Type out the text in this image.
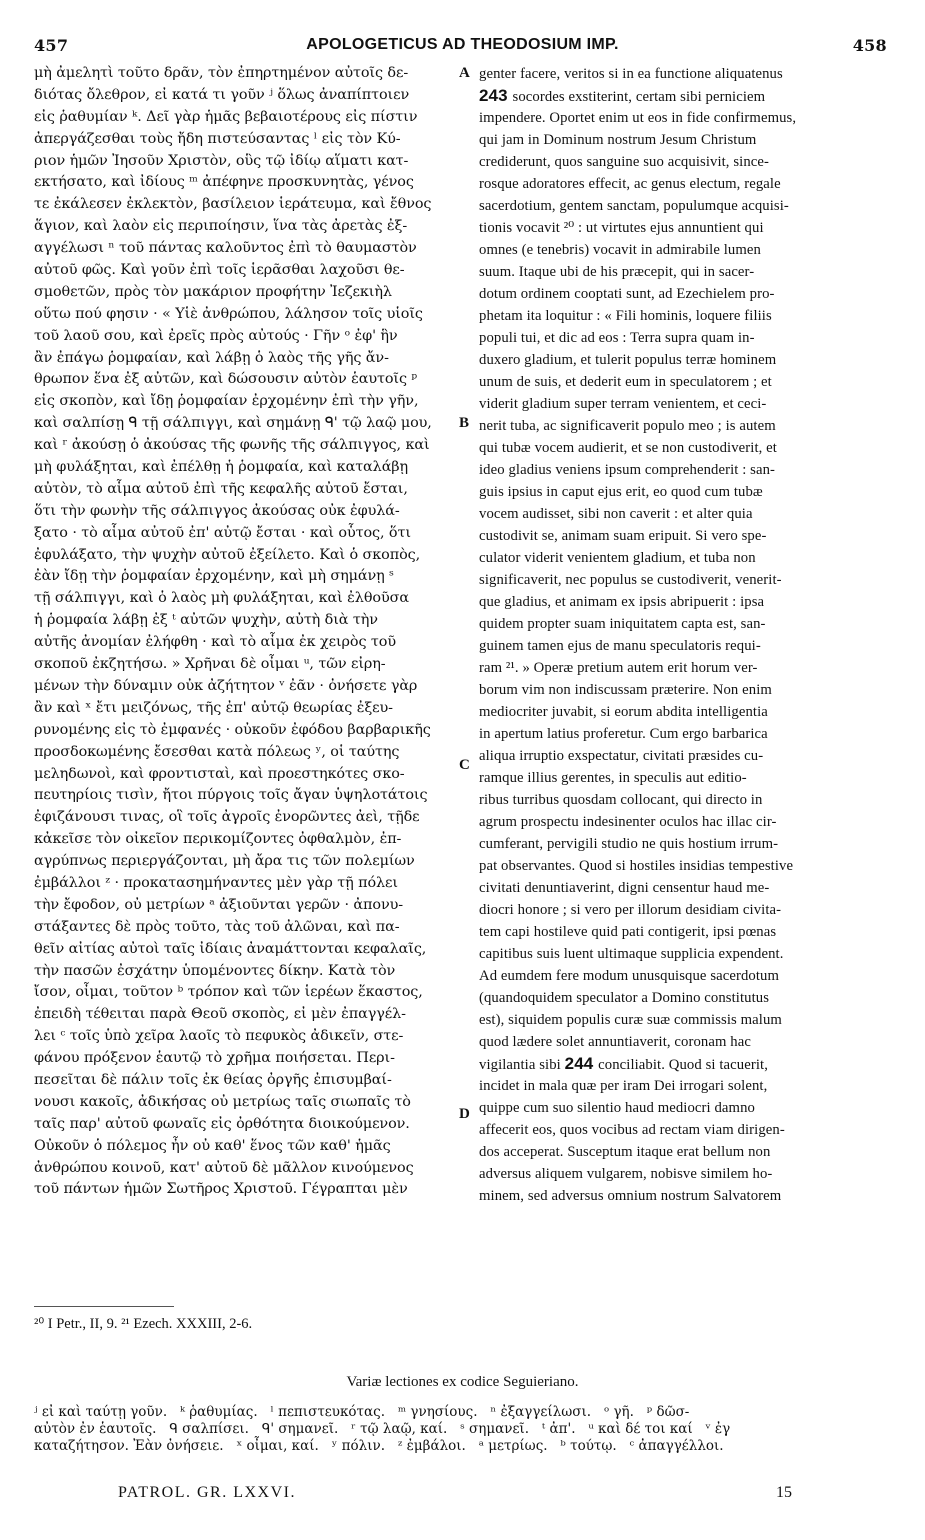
457	APOLOGETICUS AD THEODOSIUM IMP.	458
μὴ ἀμελητὶ τοῦτο δρᾶν, τὸν ἐπηρτημένον αὐτοῖς δε-
διότας ὄλεθρον, εἰ κατά τι γοῦν ʲ ὅλως ἀναπίπτοιεν
εἰς ῥαθυμίαν ᵏ. Δεῖ γὰρ ἡμᾶς βεβαιοτέρους εἰς πίστιν
ἀπεργάζεσθαι τοὺς ἤδη πιστεύσαντας ˡ εἰς τὸν Κύ-
ριον ἡμῶν Ἰησοῦν Χριστὸν, οὓς τῷ ἰδίῳ αἵματι κατ-
εκτήσατο, καὶ ἰδίους ᵐ ἀπέφηνε προσκυνητὰς, γένος
τε ἐκάλεσεν ἐκλεκτὸν, βασίλειον ἱεράτευμα, καὶ ἔθνος
ἅγιον, καὶ λαὸν εἰς περιποίησιν, ἵνα τὰς ἀρετὰς ἐξ-
αγγέλωσι ⁿ τοῦ πάντας καλοῦντος ἐπὶ τὸ θαυμαστὸν
αὐτοῦ φῶς. Καὶ γοῦν ἐπὶ τοῖς ἱερᾶσθαι λαχοῦσι θε-
σμοθετῶν, πρὸς τὸν μακάριον προφήτην Ἰεζεκιὴλ
οὕτω πού φησιν · « Υἱὲ ἀνθρώπου, λάλησον τοῖς υἱοῖς
τοῦ λαοῦ σου, καὶ ἐρεῖς πρὸς αὐτούς · Γῆν ᵒ ἐφ' ἣν
ἂν ἐπάγω ῥομφαίαν, καὶ λάβῃ ὁ λαὸς τῆς γῆς ἄν-
θρωπον ἕνα ἐξ αὐτῶν, καὶ δώσουσιν αὐτὸν ἑαυτοῖς ᵖ
εἰς σκοπὸν, καὶ ἴδῃ ῥομφαίαν ἐρχομένην ἐπὶ τὴν γῆν,
καὶ σαλπίσῃ ᑫ τῇ σάλπιγγι, καὶ σημάνῃ ᑫ' τῷ λαῷ μου,
καὶ ʳ ἀκούσῃ ὁ ἀκούσας τῆς φωνῆς τῆς σάλπιγγος, καὶ
μὴ φυλάξηται, καὶ ἐπέλθῃ ἡ ῥομφαία, καὶ καταλάβῃ
αὐτὸν, τὸ αἷμα αὐτοῦ ἐπὶ τῆς κεφαλῆς αὐτοῦ ἔσται,
ὅτι τὴν φωνὴν τῆς σάλπιγγος ἀκούσας οὐκ ἐφυλά-
ξατο · τὸ αἷμα αὐτοῦ ἐπ' αὐτῷ ἔσται · καὶ οὗτος, ὅτι
ἐφυλάξατο, τὴν ψυχὴν αὐτοῦ ἐξείλετο. Καὶ ὁ σκοπὸς,
ἐὰν ἴδῃ τὴν ῥομφαίαν ἐρχομένην, καὶ μὴ σημάνῃ ˢ
τῇ σάλπιγγι, καὶ ὁ λαὸς μὴ φυλάξηται, καὶ ἐλθοῦσα
ἡ ῥομφαία λάβῃ ἐξ ᵗ αὐτῶν ψυχὴν, αὐτὴ διὰ τὴν
αὐτῆς ἀνομίαν ἐλήφθη · καὶ τὸ αἷμα ἐκ χειρὸς τοῦ
σκοποῦ ἐκζητήσω. » Χρῆναι δὲ οἶμαι ᵘ, τῶν εἰρη-
μένων τὴν δύναμιν οὐκ ἀζήτητον ᵛ ἐᾶν · ὀνήσετε γὰρ
ἂν καὶ ˣ ἔτι μειζόνως, τῆς ἐπ' αὐτῷ θεωρίας ἐξευ-
ρυνομένης εἰς τὸ ἐμφανές · οὐκοῦν ἐφόδου βαρβαρικῆς
προσδοκωμένης ἔσεσθαι κατὰ πόλεως ʸ, οἱ ταύτης
μεληδωνοὶ, καὶ φροντισταὶ, καὶ προεστηκότες σκο-
πευτηρίοις τισὶν, ἤτοι πύργοις τοῖς ἄγαν ὑψηλοτάτοις
ἐφιζάνουσι τινας, οἳ τοῖς ἀγροῖς ἐνορῶντες ἀεὶ, τῇδε
κἀκεῖσε τὸν οἰκεῖον περικομίζοντες ὀφθαλμὸν, ἐπ-
αγρύπνως περιεργάζονται, μὴ ἄρα τις τῶν πολεμίων
ἐμβάλλοι ᶻ · προκατασημήναντες μὲν γὰρ τῇ πόλει
τὴν ἔφοδον, οὐ μετρίων ᵃ ἀξιοῦνται γερῶν · ἀπονυ-
στάξαντες δὲ πρὸς τοῦτο, τὰς τοῦ ἀλῶναι, καὶ πα-
θεῖν αἰτίας αὐτοὶ ταῖς ἰδίαις ἀναμάττονται κεφαλαῖς,
τὴν πασῶν ἐσχάτην ὑπομένοντες δίκην. Κατὰ τὸν
ἴσον, οἶμαι, τοῦτον ᵇ τρόπον καὶ τῶν ἱερέων ἕκαστος,
ἐπειδὴ τέθειται παρὰ Θεοῦ σκοπὸς, εἰ μὲν ἐπαγγέλ-
λει ᶜ τοῖς ὑπὸ χεῖρα λαοῖς τὸ πεφυκὸς ἀδικεῖν, στε-
φάνου πρόξενον ἑαυτῷ τὸ χρῆμα ποιήσεται. Περι-
πεσεῖται δὲ πάλιν τοῖς ἐκ θείας ὀργῆς ἐπισυμβαί-
νουσι κακοῖς, ἀδικήσας οὐ μετρίως ταῖς σιωπαῖς τὸ
ταῖς παρ' αὐτοῦ φωναῖς εἰς ὀρθότητα διοικούμενον.
Οὐκοῦν ὁ πόλεμος ἦν οὐ καθ' ἕνος τῶν καθ' ἡμᾶς
ἀνθρώπου κοινοῦ, κατ' αὐτοῦ δὲ μᾶλλον κινούμενος
τοῦ πάντων ἡμῶν Σωτῆρος Χριστοῦ. Γέγραπται μὲν
genter facere, veritos si in ea functione aliquatenus
243 socordes exstiterint, certam sibi perniciem
impendere. Oportet enim ut eos in fide confirmemus,
qui jam in Dominum nostrum Jesum Christum
crediderunt, quos sanguine suo acquisivit, since-
rosque adoratores effecit, ac genus electum, regale
sacerdotium, gentem sanctam, populumque acquisi-
tionis vocavit ²⁰ : ut virtutes ejus annuntient qui
omnes (e tenebris) vocavit in admirabile lumen
suum. Itaque ubi de his præcepit, qui in sacer-
dotum ordinem cooptati sunt, ad Ezechielem pro-
phetam ita loquitur : « Fili hominis, loquere filiis
populi tui, et dic ad eos : Terra supra quam in-
duxero gladium, et tulerit populus terræ hominem
unum de suis, et dederit eum in speculatorem ; et
viderit gladium super terram venientem, et ceci-
nerit tuba, ac significaverit populo meo ; is autem
qui tubæ vocem audierit, et se non custodiverit, et
ideo gladius veniens ipsum comprehenderit : san-
guis ipsius in caput ejus erit, eo quod cum tubæ
vocem audisset, sibi non caverit : et alter quia
custodivit se, animam suam eripuit. Si vero spe-
culator viderit venientem gladium, et tuba non
significaverit, nec populus se custodiverit, venerit-
que gladius, et animam ex ipsis abripuerit : ipsa
quidem propter suam iniquitatem capta est, san-
guinem tamen ejus de manu speculatoris requi-
ram ²¹. » Operæ pretium autem erit horum ver-
borum vim non indiscussam præterire. Non enim
mediocriter juvabit, si eorum abdita intelligentia
in apertum latius proferetur. Cum ergo barbarica
aliqua irruptio exspectatur, civitati præsides cu-
ramque illius gerentes, in speculis aut editio-
ribus turribus quosdam collocant, qui directo in
agrum prospectu indesinenter oculos hac illac cir-
cumferant, pervigili studio ne quis hostium irrum-
pat observantes. Quod si hostiles insidias tempestive
civitati denuntiaverint, digni censentur haud me-
diocri honore ; si vero per illorum desidiam civita-
tem capi hostileve quid pati contigerit, ipsi pœnas
capitibus suis luent ultimaque supplicia expendent.
Ad eumdem fere modum unusquisque sacerdotum
(quandoquidem speculator a Domino constitutus
est), siquidem populis curæ suæ commissis malum
quod lædere solet annuntiaverit, coronam hac
vigilantia sibi 244 conciliabit. Quod si tacuerit,
incidet in mala quæ per iram Dei irrogari solent,
quippe cum suo silentio haud mediocri damno
affecerit eos, quos vocibus ad rectam viam dirigen-
dos acceperat. Susceptum itaque erat bellum non
adversus aliquem vulgarem, nobisve similem ho-
minem, sed adversus omnium nostrum Salvatorem
A
B
C
D
²⁰ I Petr., II, 9. ²¹ Ezech. XXXIII, 2-6.
Variæ lectiones ex codice Seguieriano.
ʲ εἰ καὶ ταύτῃ γοῦν.   ᵏ ῥαθυμίας.   ˡ πεπιστευκότας.   ᵐ γνησίους.   ⁿ ἐξαγγείλωσι.   ᵒ γῆ.   ᵖ δῶσ-
αὐτὸν ἐν ἑαυτοῖς.   ᑫ σαλπίσει.   ᑫ' σημανεῖ.   ʳ τῷ λαῷ, καί.   ˢ σημανεῖ.   ᵗ ἀπ'.   ᵘ καὶ δέ τοι καί   ᵛ ἐγ
καταζήτησον. Ἐὰν ὀνήσειε.   ˣ οἶμαι, καί.   ʸ πόλιν.   ᶻ ἐμβάλοι.   ᵃ μετρίως.   ᵇ τούτῳ.   ᶜ ἀπαγγέλλοι.
PATROL. GR. LXXVI.	15
